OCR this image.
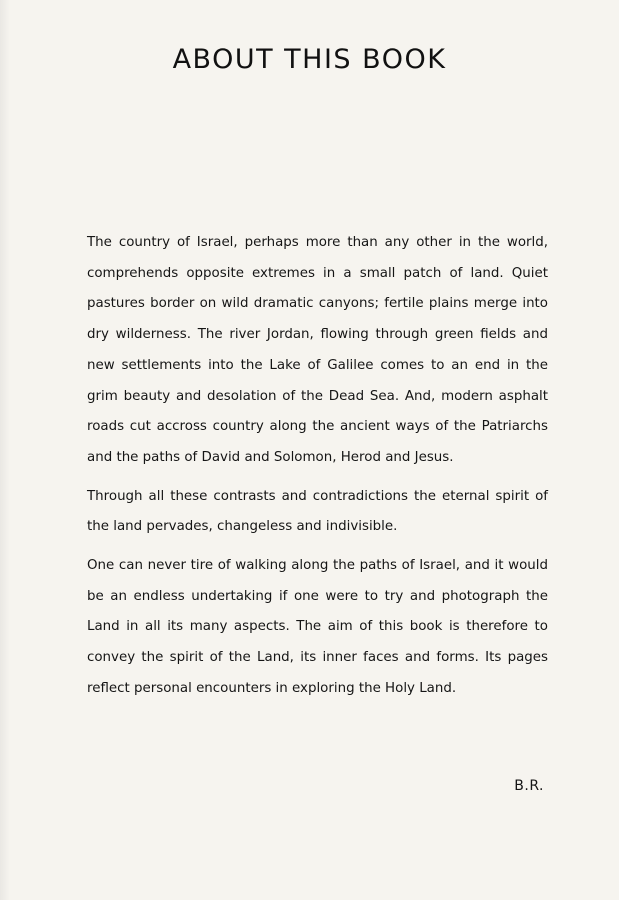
ABOUT THIS BOOK

The country of Israel, perhaps more than any other in the world, comprehends opposite extremes in a small patch of land. Quiet pastures border on wild dramatic canyons; fertile plains merge into dry wilderness. The river Jordan, flowing through green fields and new settlements into the Lake of Galilee comes to an end in the grim beauty and desolation of the Dead Sea. And, modern asphalt roads cut accross country along the ancient ways of the Patriarchs and the paths of David and Solomon, Herod and Jesus.

Through all these contrasts and contradictions the eternal spirit of the land pervades, changeless and indivisible.

One can never tire of walking along the paths of Israel, and it would be an endless undertaking if one were to try and photograph the Land in all its many aspects. The aim of this book is therefore to convey the spirit of the Land, its inner faces and forms. Its pages reflect personal encounters in exploring the Holy Land.

B.R.
